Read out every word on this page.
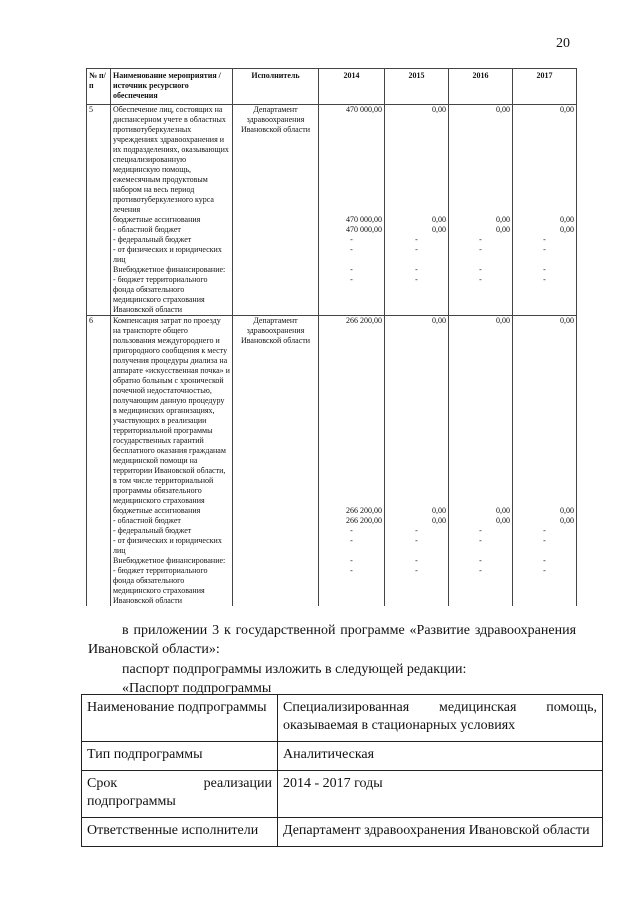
20
№ п/п	Наименование мероприятия / источник ресурсного обеспечения	Исполнитель	2014	2015	2016	2017
5	Обеспечение лиц, состоящих на диспансерном учете в областных противотуберкулезных учреждениях здравоохранения и их подразделениях, оказывающих специализированную медицинскую помощь, ежемесячным продуктовым набором на весь период противотуберкулезного курса лечения	Департамент здравоохранения Ивановской области	470 000,00	0,00	0,00	0,00
	бюджетные ассигнования		470 000,00	0,00	0,00	0,00
	- областной бюджет		470 000,00	0,00	0,00	0,00
	- федеральный бюджет		-	-	-	-
	- от физических и юридических лиц		-	-	-	-
	Внебюджетное финансирование:		-	-	-	-
	- бюджет территориального фонда обязательного медицинского страхования Ивановской области		-	-	-	-
6	Компенсация затрат по проезду на транспорте общего пользования междугороднего и пригородного сообщения к месту получения процедуры диализа на аппарате «искусственная почка» и обратно больным с хронической почечной недостаточностью, получающим данную процедуру в медицинских организациях, участвующих в реализации территориальной программы государственных гарантий бесплатного оказания гражданам медицинской помощи на территории Ивановской области, в том числе территориальной программы обязательного медицинского страхования	Департамент здравоохранения Ивановской области	266 200,00	0,00	0,00	0,00
	бюджетные ассигнования		266 200,00	0,00	0,00	0,00
	- областной бюджет		266 200,00	0,00	0,00	0,00
	- федеральный бюджет		-	-	-	-
	- от физических и юридических лиц		-	-	-	-
	Внебюджетное финансирование:		-	-	-	-
	- бюджет территориального фонда обязательного медицинского страхования Ивановской области		-	-	-	-
в приложении 3 к государственной программе «Развитие здравоохранения Ивановской области»:
паспорт подпрограммы изложить в следующей редакции:
«Паспорт подпрограммы
Наименование подпрограммы	Специализированная медицинская помощь, оказываемая в стационарных условиях
Тип подпрограммы	Аналитическая

Срок реализации
подпрограммы	2014 - 2017 годы
Ответственные исполнители	Департамент здравоохранения Ивановской области
